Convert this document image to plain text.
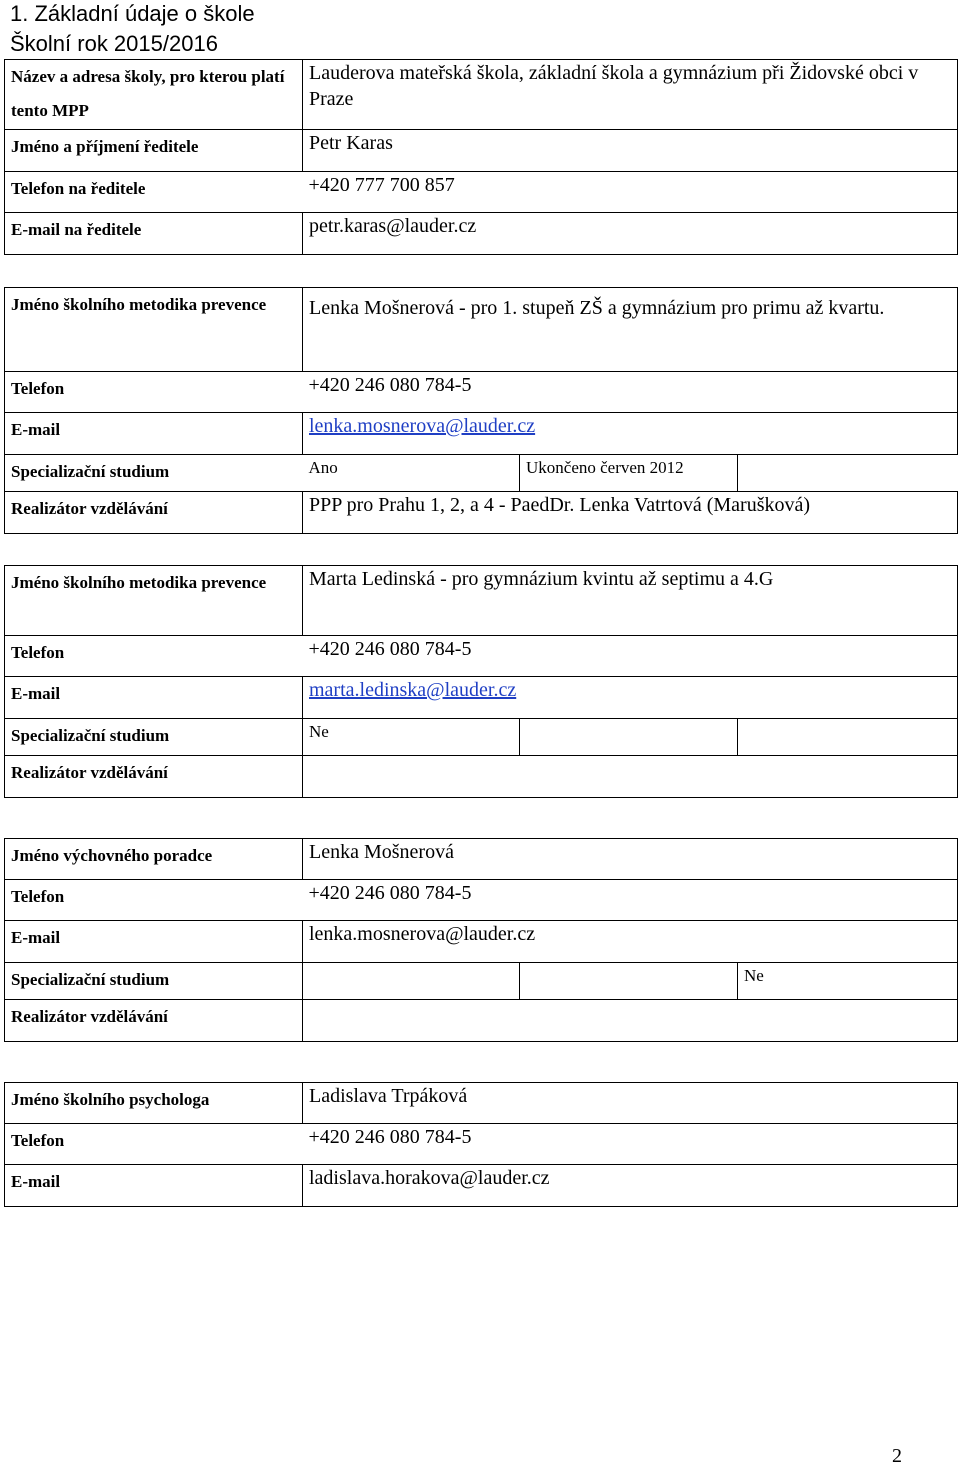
1. Základní údaje o škole
Školní rok 2015/2016
Název a adresa školy, pro kterou platí tento MPP	Lauderova mateřská škola, základní škola a gymnázium při Židovské obci v Praze
Jméno a příjmení ředitele	Petr Karas
Telefon na ředitele	+420 777 700 857
E-mail na ředitele	petr.karas@lauder.cz
Jméno školního metodika prevence	Lenka Mošnerová - pro 1. stupeň ZŠ a gymnázium pro primu až kvartu.		
Telefon	+420 246 080 784-5		
E-mail	lenka.mosnerova@lauder.cz		
Specializační studium	Ano	Ukončeno červen 2012	
Realizátor vzdělávání	PPP pro Prahu 1, 2, a 4 - PaedDr. Lenka Vatrtová (Marušková)		
Jméno školního metodika prevence	Marta Ledinská - pro gymnázium kvintu až septimu a 4.G		
Telefon	+420 246 080 784-5		
E-mail	marta.ledinska@lauder.cz		
Specializační studium	Ne		
Realizátor vzdělávání			
Jméno výchovného poradce	Lenka Mošnerová		
Telefon	+420 246 080 784-5		
E-mail	lenka.mosnerova@lauder.cz		
Specializační studium			Ne
Realizátor vzdělávání			
Jméno školního psychologa	Ladislava Trpáková
Telefon	+420 246 080 784-5
E-mail	ladislava.horakova@lauder.cz
2
